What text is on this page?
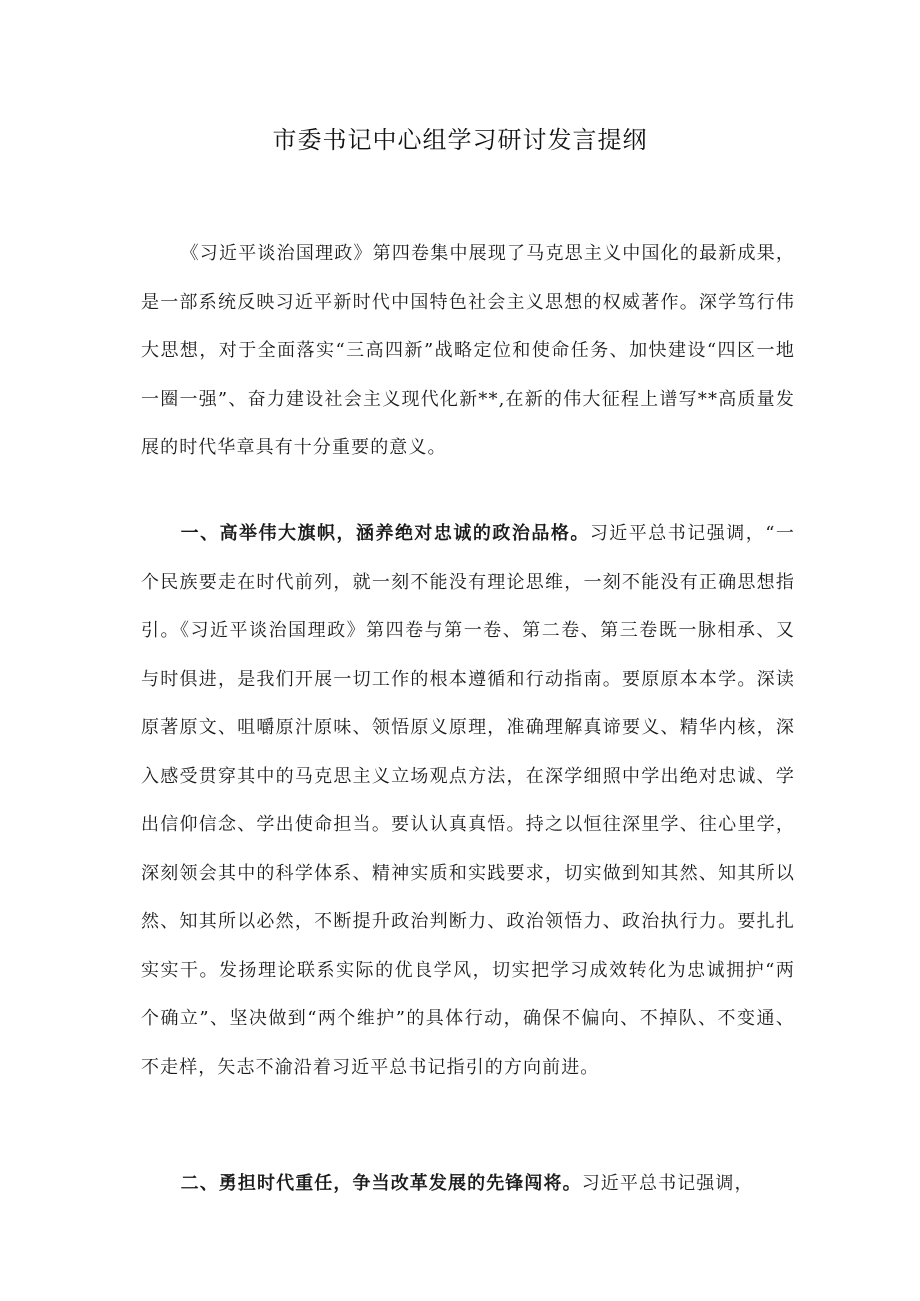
市委书记中心组学习研讨发言提纲

《习近平谈治国理政》第四卷集中展现了马克思主义中国化的最新成果，是一部系统反映习近平新时代中国特色社会主义思想的权威著作。深学笃行伟大思想，对于全面落实“三高四新”战略定位和使命任务、加快建设“四区一地一圈一强”、奋力建设社会主义现代化新**,在新的伟大征程上谱写**高质量发展的时代华章具有十分重要的意义。

一、高举伟大旗帜，涵养绝对忠诚的政治品格。习近平总书记强调，“一个民族要走在时代前列，就一刻不能没有理论思维，一刻不能没有正确思想指引。《习近平谈治国理政》第四卷与第一卷、第二卷、第三卷既一脉相承、又与时俱进，是我们开展一切工作的根本遵循和行动指南。要原原本本学。深读原著原文、咀嚼原汁原味、领悟原义原理，准确理解真谛要义、精华内核，深入感受贯穿其中的马克思主义立场观点方法，在深学细照中学出绝对忠诚、学出信仰信念、学出使命担当。要认认真真悟。持之以恒往深里学、往心里学，深刻领会其中的科学体系、精神实质和实践要求，切实做到知其然、知其所以然、知其所以必然，不断提升政治判断力、政治领悟力、政治执行力。要扎扎实实干。发扬理论联系实际的优良学风，切实把学习成效转化为忠诚拥护“两个确立”、坚决做到“两个维护”的具体行动，确保不偏向、不掉队、不变通、不走样，矢志不渝沿着习近平总书记指引的方向前进。

二、勇担时代重任，争当改革发展的先锋闯将。习近平总书记强调，
